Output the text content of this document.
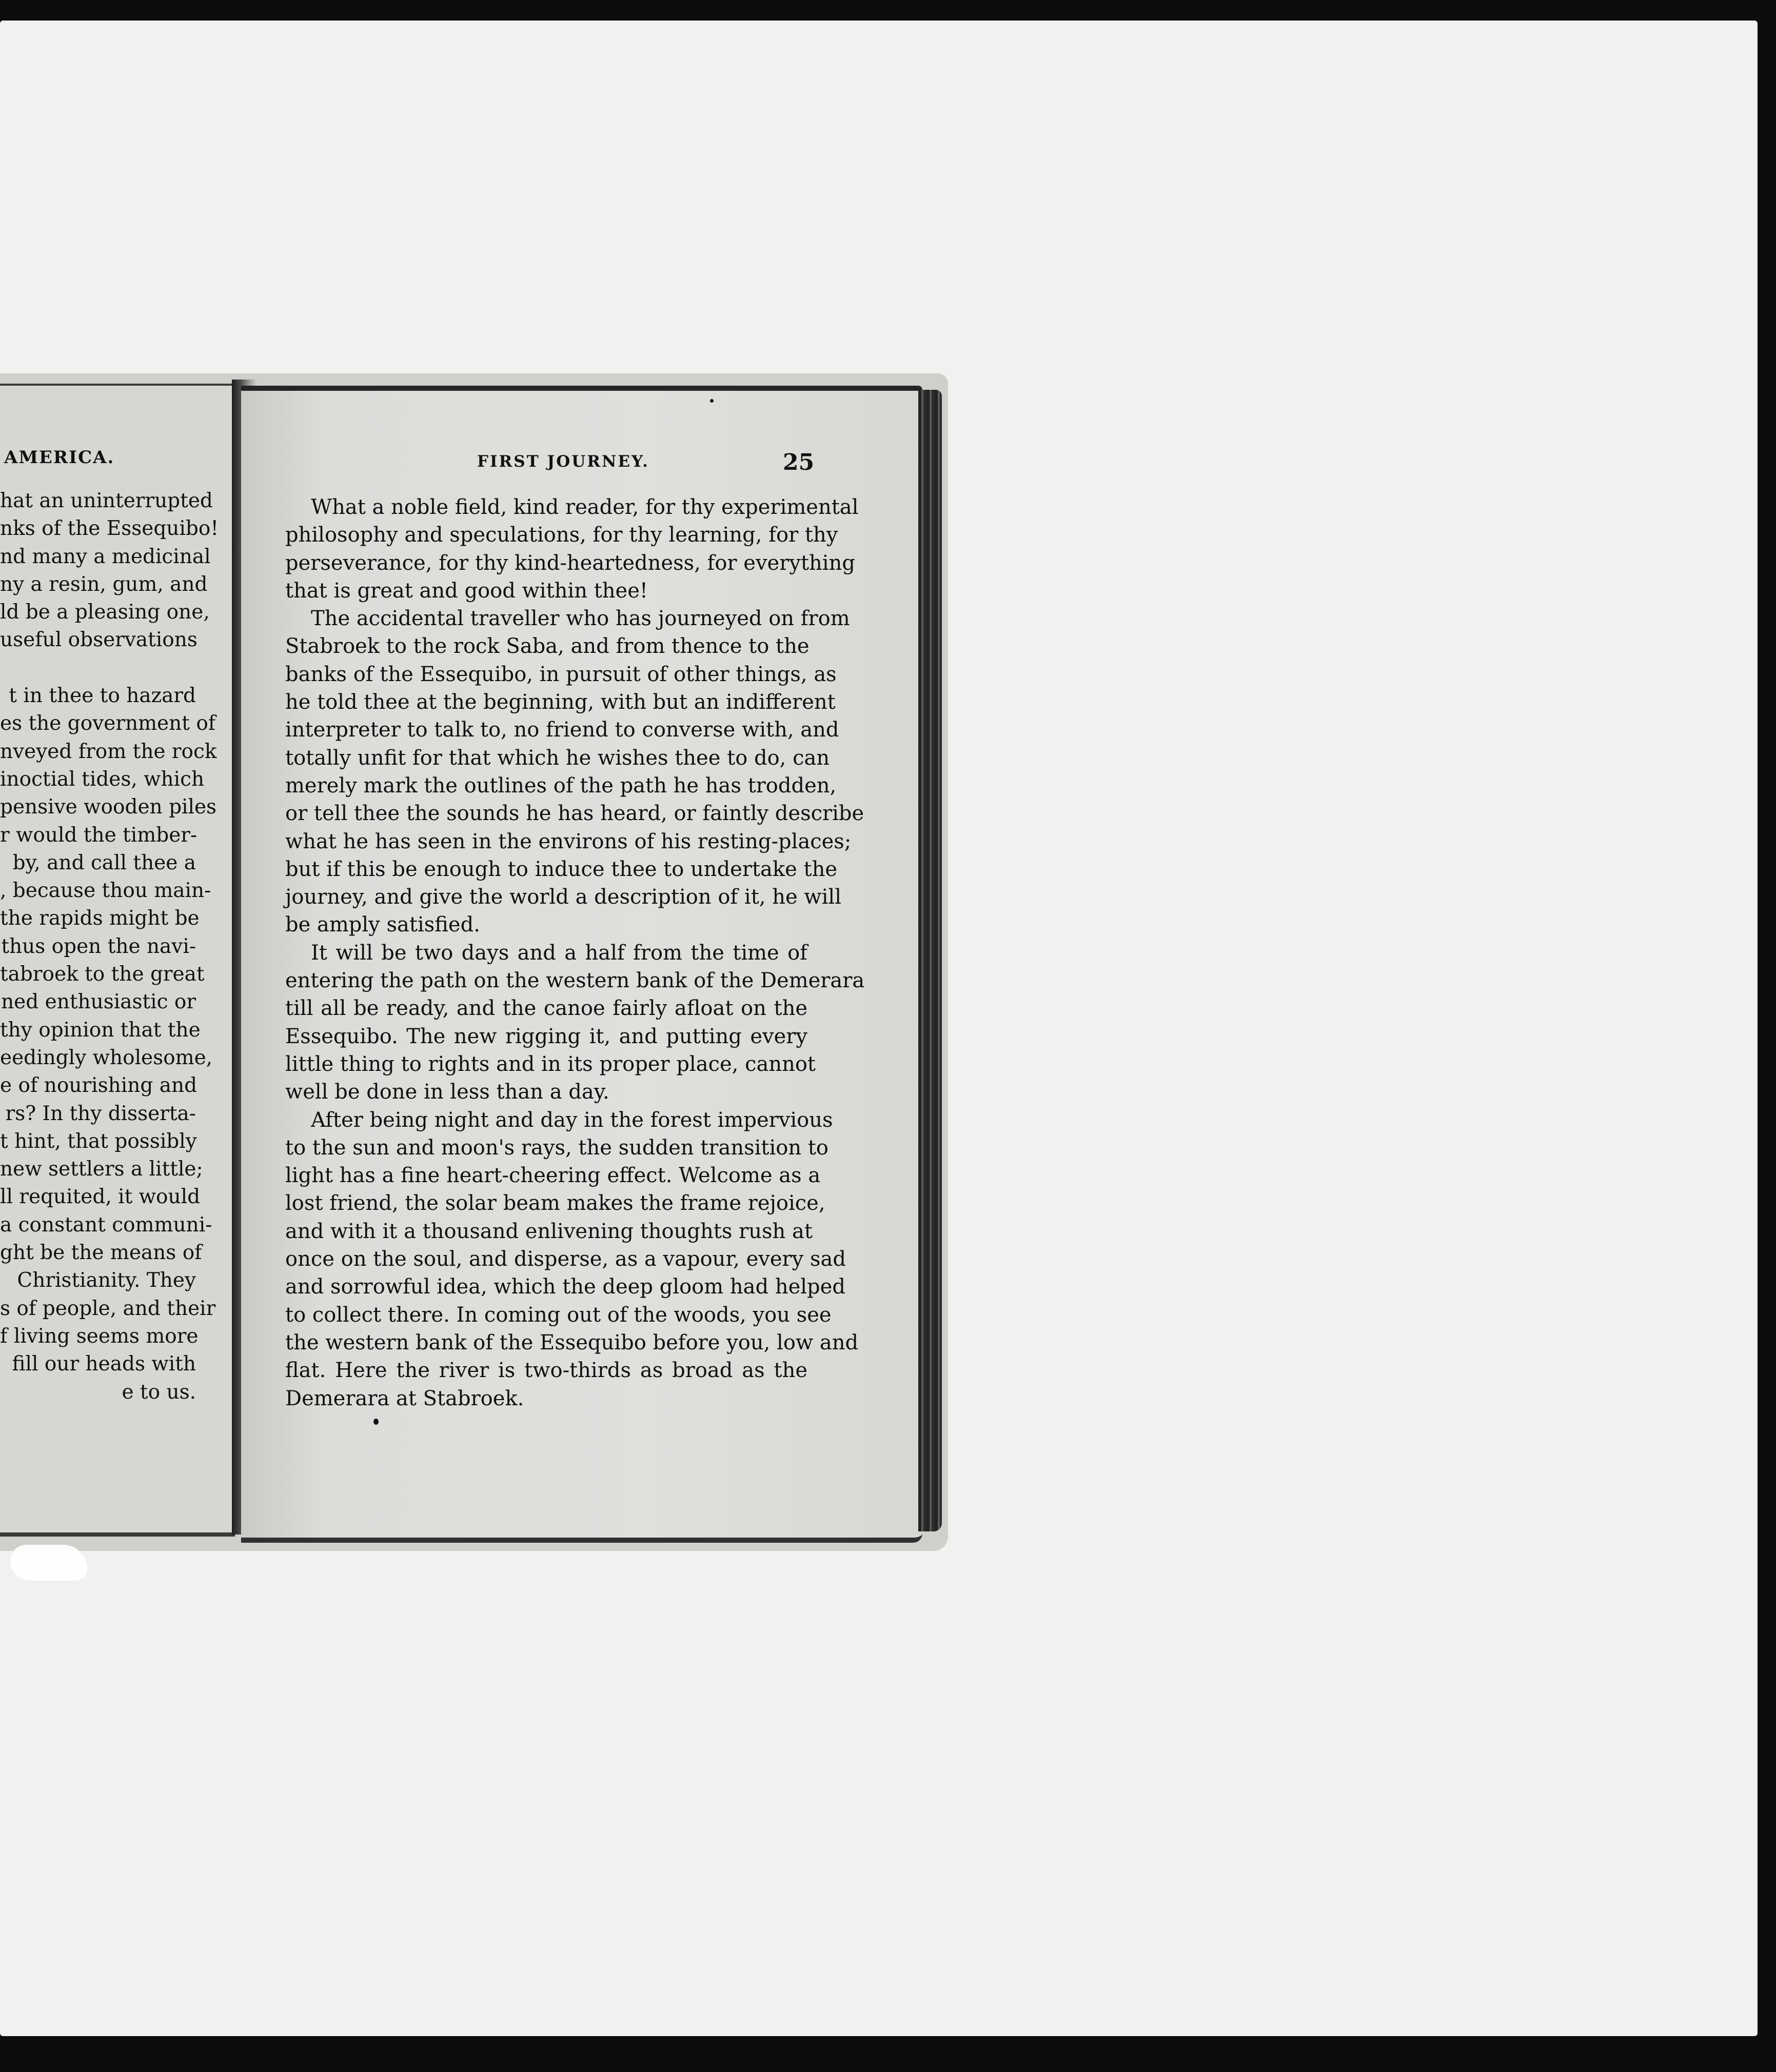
AMERICA.
hat an uninterrupted
nks of the Essequibo!
nd many a medicinal
ny a resin, gum, and
ld be a pleasing one,
useful observations
t in thee to hazard
es the government of
nveyed from the rock
inoctial tides, which
pensive wooden piles
r would the timber-
by, and call thee a
, because thou main-
the rapids might be
thus open the navi-
tabroek to the great
ned enthusiastic or
thy opinion that the
eedingly wholesome,
e of nourishing and
rs? In thy disserta-
t hint, that possibly
new settlers a little;
ll requited, it would
a constant communi-
ght be the means of
Christianity. They
s of people, and their
f living seems more
fill our heads with
e to us.
FIRST JOURNEY.	25
What a noble field, kind reader, for thy experimental
philosophy and speculations, for thy learning, for thy
perseverance, for thy kind-heartedness, for everything
that is great and good within thee!
The accidental traveller who has journeyed on from
Stabroek to the rock Saba, and from thence to the
banks of the Essequibo, in pursuit of other things, as
he told thee at the beginning, with but an indifferent
interpreter to talk to, no friend to converse with, and
totally unfit for that which he wishes thee to do, can
merely mark the outlines of the path he has trodden,
or tell thee the sounds he has heard, or faintly describe
what he has seen in the environs of his resting-places;
but if this be enough to induce thee to undertake the
journey, and give the world a description of it, he will
be amply satisfied.
It will be two days and a half from the time of
entering the path on the western bank of the Demerara
till all be ready, and the canoe fairly afloat on the
Essequibo. The new rigging it, and putting every
little thing to rights and in its proper place, cannot
well be done in less than a day.
After being night and day in the forest impervious
to the sun and moon's rays, the sudden transition to
light has a fine heart-cheering effect. Welcome as a
lost friend, the solar beam makes the frame rejoice,
and with it a thousand enlivening thoughts rush at
once on the soul, and disperse, as a vapour, every sad
and sorrowful idea, which the deep gloom had helped
to collect there. In coming out of the woods, you see
the western bank of the Essequibo before you, low and
flat. Here the river is two-thirds as broad as the
Demerara at Stabroek.
